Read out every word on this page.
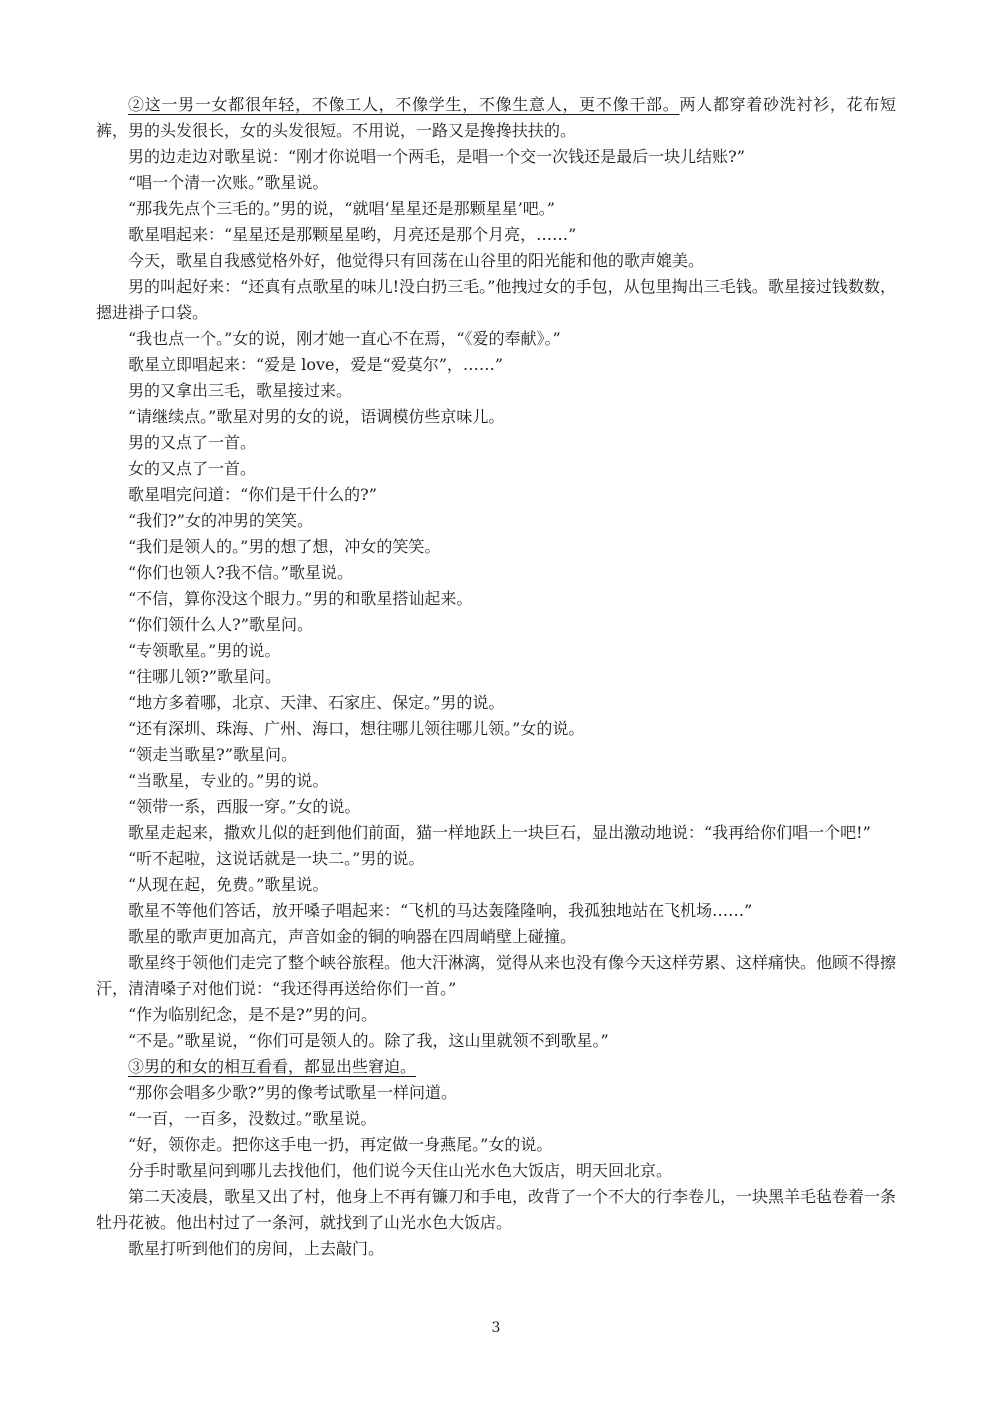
②这一男一女都很年轻，不像工人，不像学生，不像生意人，更不像干部。两人都穿着砂洗衬衫，花布短裤，男的头发很长，女的头发很短。不用说，一路又是搀搀扶扶的。

男的边走边对歌星说：“刚才你说唱一个两毛，是唱一个交一次钱还是最后一块儿结账?”

“唱一个清一次账。”歌星说。

“那我先点个三毛的。”男的说，“就唱‘星星还是那颗星星’吧。”

歌星唱起来：“星星还是那颗星星哟，月亮还是那个月亮，……”

今天，歌星自我感觉格外好，他觉得只有回荡在山谷里的阳光能和他的歌声媲美。

男的叫起好来：“还真有点歌星的味儿!没白扔三毛。”他拽过女的手包，从包里掏出三毛钱。歌星接过钱数数，摁进褂子口袋。

“我也点一个。”女的说，刚才她一直心不在焉，“《爱的奉献》。”

歌星立即唱起来：“爱是 love，爱是“爱莫尔”，……”

男的又拿出三毛，歌星接过来。

“请继续点。”歌星对男的女的说，语调模仿些京味儿。

男的又点了一首。

女的又点了一首。

歌星唱完问道：“你们是干什么的?”

“我们?”女的冲男的笑笑。

“我们是领人的。”男的想了想，冲女的笑笑。

“你们也领人?我不信。”歌星说。

“不信，算你没这个眼力。”男的和歌星搭讪起来。

“你们领什么人?”歌星问。

“专领歌星。”男的说。

“往哪儿领?”歌星问。

“地方多着哪，北京、天津、石家庄、保定。”男的说。

“还有深圳、珠海、广州、海口，想往哪儿领往哪儿领。”女的说。

“领走当歌星?”歌星问。

“当歌星，专业的。”男的说。

“领带一系，西服一穿。”女的说。

歌星走起来，撒欢儿似的赶到他们前面，猫一样地跃上一块巨石，显出激动地说：“我再给你们唱一个吧!”

“听不起啦，这说话就是一块二。”男的说。

“从现在起，免费。”歌星说。

歌星不等他们答话，放开嗓子唱起来：“飞机的马达轰隆隆响，我孤独地站在飞机场……”

歌星的歌声更加高亢，声音如金的铜的响器在四周峭壁上碰撞。

歌星终于领他们走完了整个峡谷旅程。他大汗淋漓，觉得从来也没有像今天这样劳累、这样痛快。他顾不得擦汗，清清嗓子对他们说：“我还得再送给你们一首。”

“作为临别纪念，是不是?”男的问。

“不是。”歌星说，“你们可是领人的。除了我，这山里就领不到歌星。”

③男的和女的相互看看，都显出些窘迫。

“那你会唱多少歌?”男的像考试歌星一样问道。

“一百，一百多，没数过。”歌星说。

“好，领你走。把你这手电一扔，再定做一身燕尾。”女的说。

分手时歌星问到哪儿去找他们，他们说今天住山光水色大饭店，明天回北京。

第二天凌晨，歌星又出了村，他身上不再有镰刀和手电，改背了一个不大的行李卷儿，一块黑羊毛毡卷着一条牡丹花被。他出村过了一条河，就找到了山光水色大饭店。

歌星打听到他们的房间，上去敲门。

3
